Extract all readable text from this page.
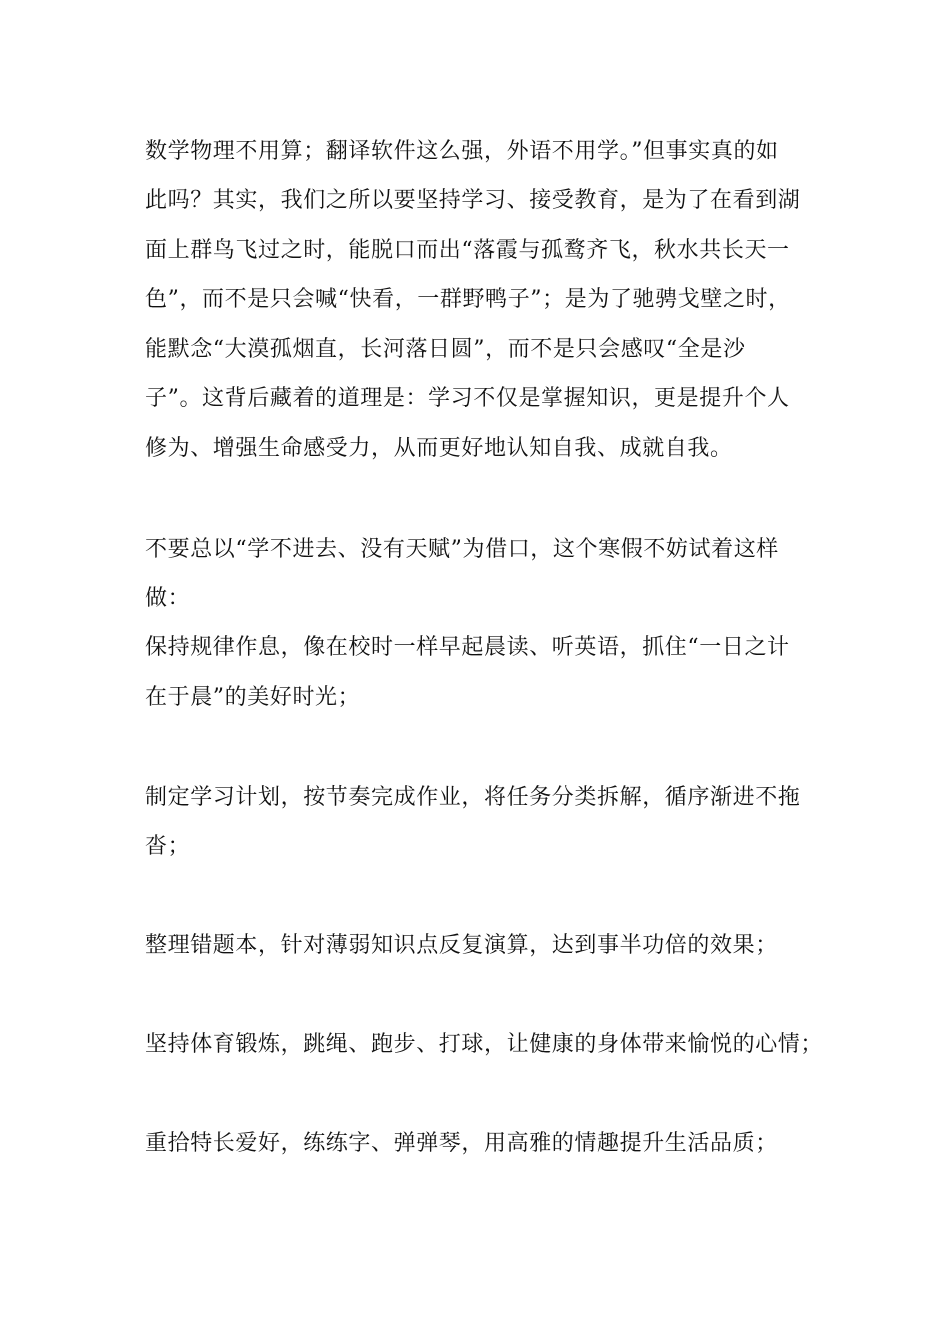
数学物理不用算；翻译软件这么强，外语不用学。”但事实真的如
此吗？其实，我们之所以要坚持学习、接受教育，是为了在看到湖
面上群鸟飞过之时，能脱口而出“落霞与孤鹜齐飞，秋水共长天一
色”，而不是只会喊“快看，一群野鸭子”；是为了驰骋戈壁之时，
能默念“大漠孤烟直，长河落日圆”，而不是只会感叹“全是沙
子”。这背后藏着的道理是：学习不仅是掌握知识，更是提升个人
修为、增强生命感受力，从而更好地认知自我、成就自我。
不要总以“学不进去、没有天赋”为借口，这个寒假不妨试着这样
做：
保持规律作息，像在校时一样早起晨读、听英语，抓住“一日之计
在于晨”的美好时光；
制定学习计划，按节奏完成作业，将任务分类拆解，循序渐进不拖
沓；
整理错题本，针对薄弱知识点反复演算，达到事半功倍的效果；
坚持体育锻炼，跳绳、跑步、打球，让健康的身体带来愉悦的心情；
重拾特长爱好，练练字、弹弹琴，用高雅的情趣提升生活品质；
